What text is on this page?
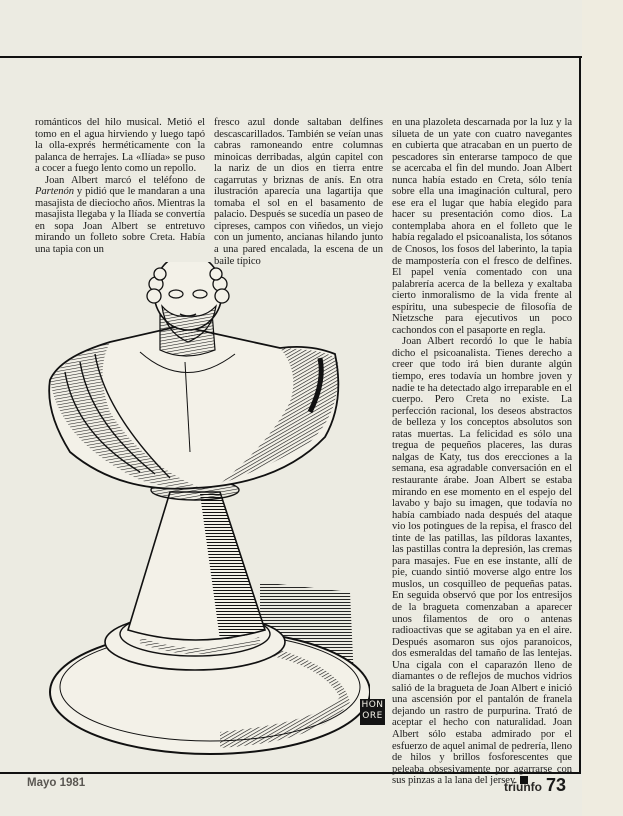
románticos del hilo musical. Metió el tomo en el agua hirviendo y luego tapó la olla-exprés herméticamente con la palanca de herrajes. La «Ilíada» se puso a cocer a fuego lento como un repollo.

Joan Albert marcó el teléfono de Partenón y pidió que le mandaran a una masajista de dieciocho años. Mientras la masajista llegaba y la Ilíada se convertía en sopa Joan Albert se entretuvo mirando un folleto sobre Creta. Había una tapia con un

fresco azul donde saltaban delfines descascarillados. También se veían unas cabras ramoneando entre columnas minoicas derribadas, algún capitel con la nariz de un dios en tierra entre cagarrutas y briznas de anís. En otra ilustración aparecía una lagartija que tomaba el sol en el basamento de palacio. Después se sucedía un paseo de cipreses, campos con viñedos, un viejo con un jumento, ancianas hilando junto a una pared encalada, la escena de un baile típico

en una plazoleta descarnada por la luz y la silueta de un yate con cuatro navegantes en cubierta que atracaban en un puerto de pescadores sin enterarse tampoco de que se acercaba el fin del mundo. Joan Albert nunca había estado en Creta, sólo tenía sobre ella una imaginación cultural, pero ese era el lugar que había elegido para hacer su presentación como dios. La contemplaba ahora en el folleto que le había regalado el psicoanalista, los sótanos de Cnosos, los fosos del laberinto, la tapia de mampostería con el fresco de delfines. El papel venía comentado con una palabrería acerca de la belleza y exaltaba cierto inmoralismo de la vida frente al espíritu, una subespecie de filosofía de Nietzsche para ejecutivos un poco cachondos con el pasaporte en regla.

Joan Albert recordó lo que le había dicho el psicoanalista. Tienes derecho a creer que todo irá bien durante algún tiempo, eres todavía un hombre joven y nadie te ha detectado algo irreparable en el cuerpo. Pero Creta no existe. La perfección racional, los deseos abstractos de belleza y los conceptos absolutos son ratas muertas. La felicidad es sólo una tregua de pequeños placeres, las duras nalgas de Katy, tus dos erecciones a la semana, esa agradable conversación en el restaurante árabe. Joan Albert se estaba mirando en ese momento en el espejo del lavabo y bajo su imagen, que todavía no había cambiado nada después del ataque vio los potingues de la repisa, el frasco del tinte de las patillas, las píldoras laxantes, las pastillas contra la depresión, las cremas para masajes. Fue en ese instante, allí de pie, cuando sintió moverse algo entre los muslos, un cosquilleo de pequeñas patas. En seguida observó que por los entresijos de la bragueta comenzaban a aparecer unos filamentos de oro o antenas radioactivas que se agitaban ya en el aire. Después asomaron sus ojos paranoicos, dos esmeraldas del tamaño de las lentejas. Una cigala con el caparazón lleno de diamantes o de reflejos de muchos vidrios salió de la bragueta de Joan Albert e inició una ascensión por el pantalón de franela dejando un rastro de purpurina. Trató de aceptar el hecho con naturalidad. Joan Albert sólo estaba admirado por el esfuerzo de aquel animal de pedrería, lleno de hilos y brillos fosforescentes que peleaba obsesivamente por agarrarse con sus pinzas a la lana del jersey.

HON
ORE
Mayo 1981	triunfo 73
